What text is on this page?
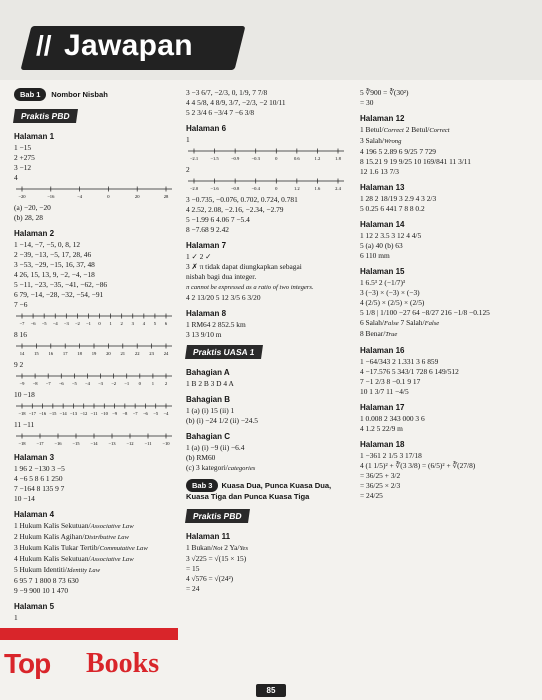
// Jawapan
Bab 1 Nombor Nisbah
Praktis PBD
Halaman 1
1 −15
2 +275
3 −12
4
−20	−16	−4	0	20	28
(a) −20, −20
(b) 28, 28
Halaman 2
1 −14, −7, −5, 0, 8, 12
2 −39, −13, −5, 17, 28, 46
3 −53, −29, −15, 16, 37, 48
4 26, 15, 13, 9, −2, −4, −18
5 −11, −23, −35, −41, −62, −86
6 79, −14, −28, −32, −54, −91
7 −6
−7 −6 −5 −4 −3 −2 −1 0 1 2 3 4 5 6
8 16
14 15 16 17 18 19 20 21 22 23 24
9 2
−9 −8 −7 −6 −5 −4 −3 −2 −1 0 1 2
10 −18
−18 −17 −16 −15 −14 −13 −12 −11 −10 −9 −8 −7 −6 −5 −4
11 −11
−18 −17 −16 −15 −14 −13 −12 −11 −10
Halaman 3
1 96 2 −130 3 −5
4 −6 5 8 6 1 250
7 −164 8 135 9 7
10 −14
Halaman 4
1 Hukum Kalis Sekutuan/Associative Law
2 Hukum Kalis Agihan/Distributive Law
3 Hukum Kalis Tukar Tertib/Commutative Law
4 Hukum Kalis Sekutuan/Associative Law
5 Hukum Identiti/Identity Law
6 95 7 1 800 8 73 630
9 −9 900 10 1 470
Halaman 5
1
3 −3 6/7, −2/3, 0, 1/9, 7 7/8
4 4 5/8, 4 8/9, 3/7, −2/3, −2 10/11
5 2 3/4 6 −3/4 7 −6 3/8
Halaman 6
1
−2.1	−1.5	−0.9	−0.3	0	0.6	1.2	1.8
2
−2.0	−1.6	−0.8	−0.4	0	1.2	1.6	2.4
3 −0.735, −0.076, 0.702, 0.724, 0.781
4 2.52, 2.08, −2.16, −2.34, −2.79
5 −1.99 6 4.06 7 −5.4
8 −7.68 9 2.42
Halaman 7
1 ✓ 2 ✓
3 ✗ π tidak dapat diungkapkan sebagai
nisbah bagi dua integer.
π cannot be expressed as a ratio of two integers.
4 2 13/20 5 12 3/5 6 3/20
Halaman 8
1 RM64 2 852.5 km
3 13 9/10 m
Praktis UASA 1
Bahagian A
1 B 2 B 3 D 4 A
Bahagian B
1 (a) (i) 15 (ii) 1
(b) (i) −24 1/2 (ii) −24.5
Bahagian C
1 (a) (i) −9 (ii) −6.4
(b) RM60
(c) 3 kategori/categories
Bab 3 Kuasa Dua, Punca Kuasa Dua, Kuasa Tiga dan Punca Kuasa Tiga
Praktis PBD
Halaman 11
1 Bukan/Not 2 Ya/Yes
3 √225 = √(15 × 15)
= 15
4 √576 = √(24²)
= 24
5 ∛900 = ∛(30²)
= 30
Halaman 12
1 Betul/Correct 2 Betul/Correct
3 Salah/Wrong
4 196 5 2.89 6 9/25 7 729
8 15.21 9 19 9/25 10 169/841 11 3/11
12 1.6 13 7/3
Halaman 13
1 28 2 18/19 3 2.9 4 3 2/3
5 0.25 6 441 7 8 8 0.2
Halaman 14
1 12 2 3.5 3 12 4 4/5
5 (a) 40 (b) 63
6 110 mm
Halaman 15
1 6.5³ 2 (−1/7)³
3 (−3) × (−3) × (−3)
4 (2/5) × (2/5) × (2/5)
5 1/8 | 1/100 −27 64 −8/27 216 −1/8 −0.125
6 Salah/False 7 Salah/False
8 Benar/True
Halaman 16
1 −64/343 2 1.331 3 6 859
4 −17.576 5 343/1 728 6 149/512
7 −1 2/3 8 −0.1 9 17
10 1 3/7 11 −4/5
Halaman 17
1 0.008 2 343 000 3 6
4 1.2 5 22/9 m
Halaman 18
1 −361 2 1/5 3 17/18
4 (1 1/5)² + ∛(3 3/8) = (6/5)² + ∛(27/8)
= 36/25 + 3/2
= 36/25 × 2/3
= 24/25
Top Books
85
